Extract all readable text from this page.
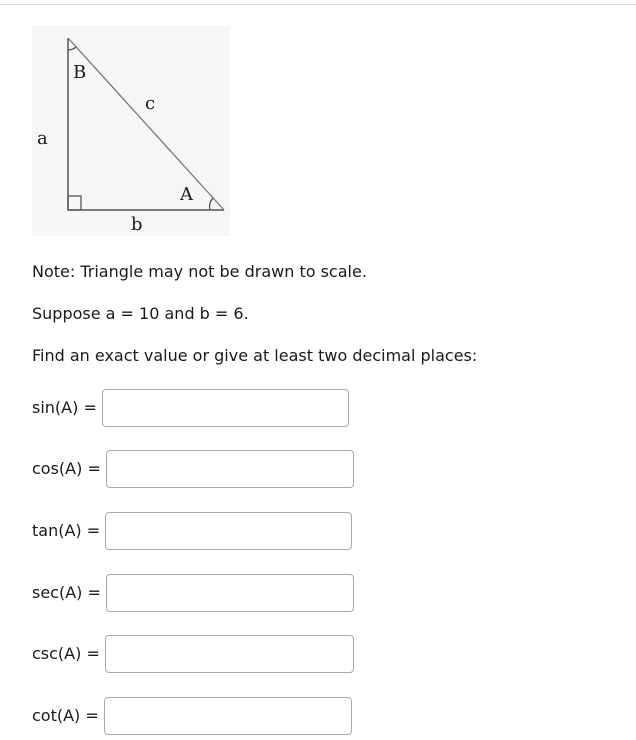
B
c
a
A
b
Note: Triangle may not be drawn to scale.
Suppose a = 10 and b = 6.
Find an exact value or give at least two decimal places:
sin(A) =
cos(A) =
tan(A) =
sec(A) =
csc(A) =
cot(A) =
